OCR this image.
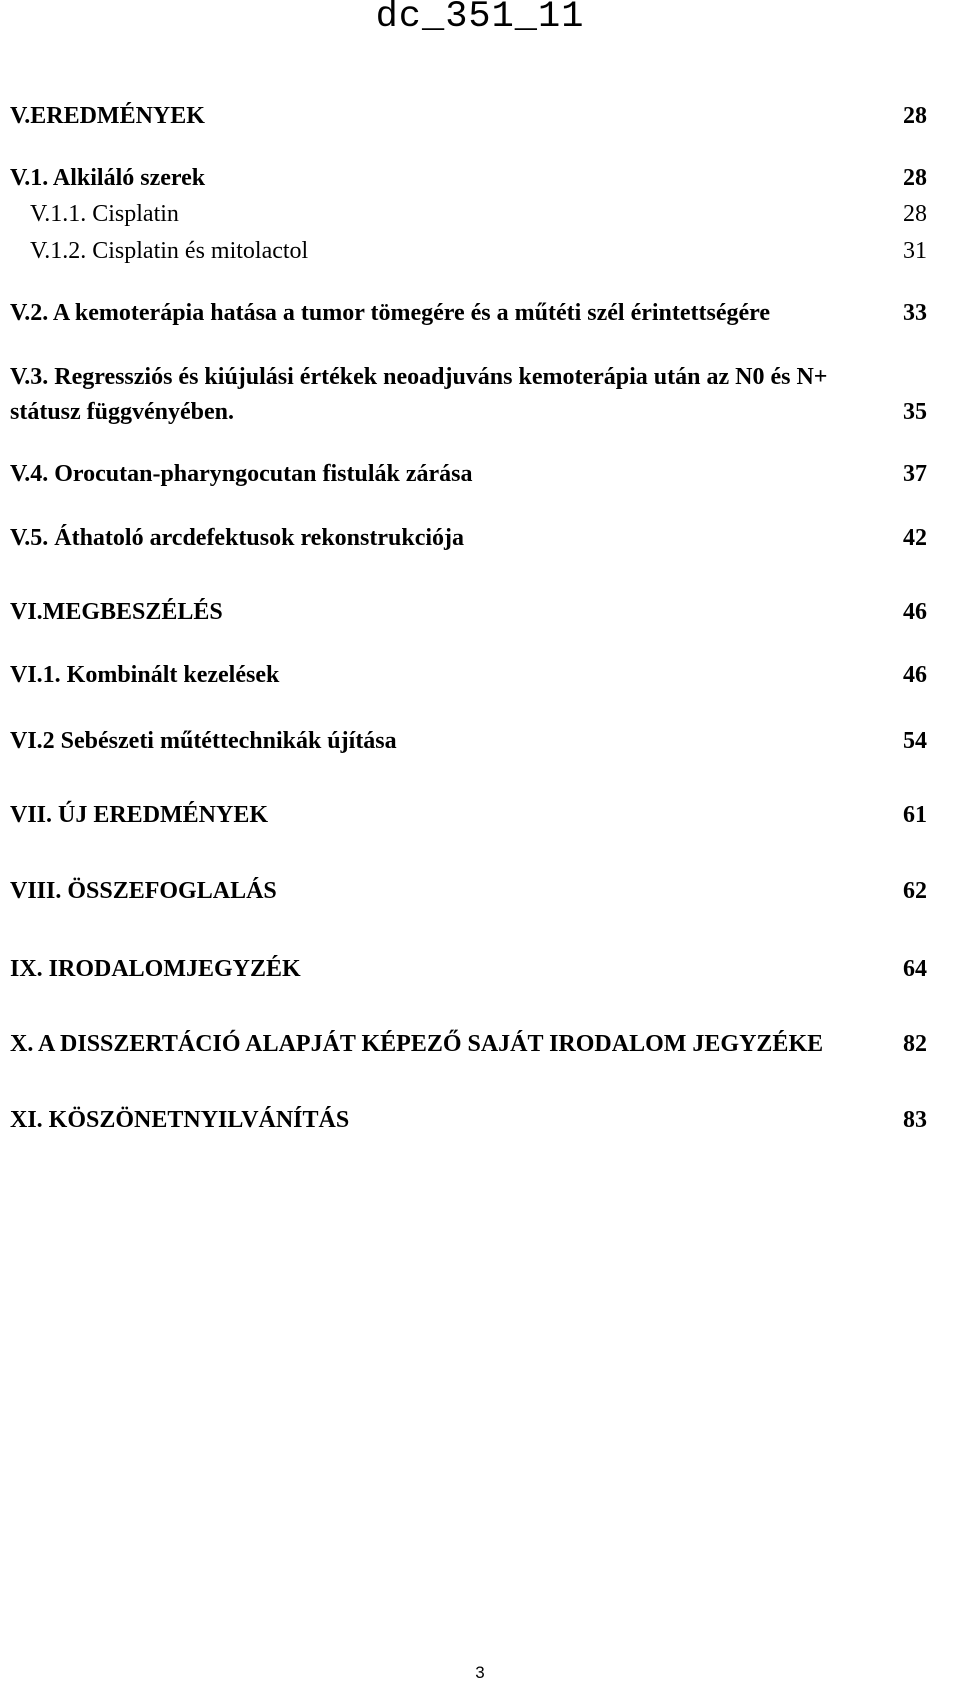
dc_351_11
V.EREDMÉNYEK	28
V.1. Alkiláló szerek	28
V.1.1. Cisplatin	28
V.1.2. Cisplatin és mitolactol	31
V.2. A kemoterápia hatása a tumor tömegére és a műtéti szél érintettségére	33
V.3. Regressziós és kiújulási értékek neoadjuváns kemoterápia után az N0 és N+
státusz függvényében.	35
V.4. Orocutan-pharyngocutan fistulák zárása	37
V.5. Áthatoló arcdefektusok rekonstrukciója	42
VI.MEGBESZÉLÉS	46
VI.1. Kombinált kezelések	46
VI.2 Sebészeti műtéttechnikák újítása	54
VII. ÚJ EREDMÉNYEK	61
VIII. ÖSSZEFOGLALÁS	62
IX. IRODALOMJEGYZÉK	64
X. A DISSZERTÁCIÓ ALAPJÁT KÉPEZŐ SAJÁT IRODALOM JEGYZÉKE	82
XI. KÖSZÖNETNYILVÁNÍTÁS	83
3
